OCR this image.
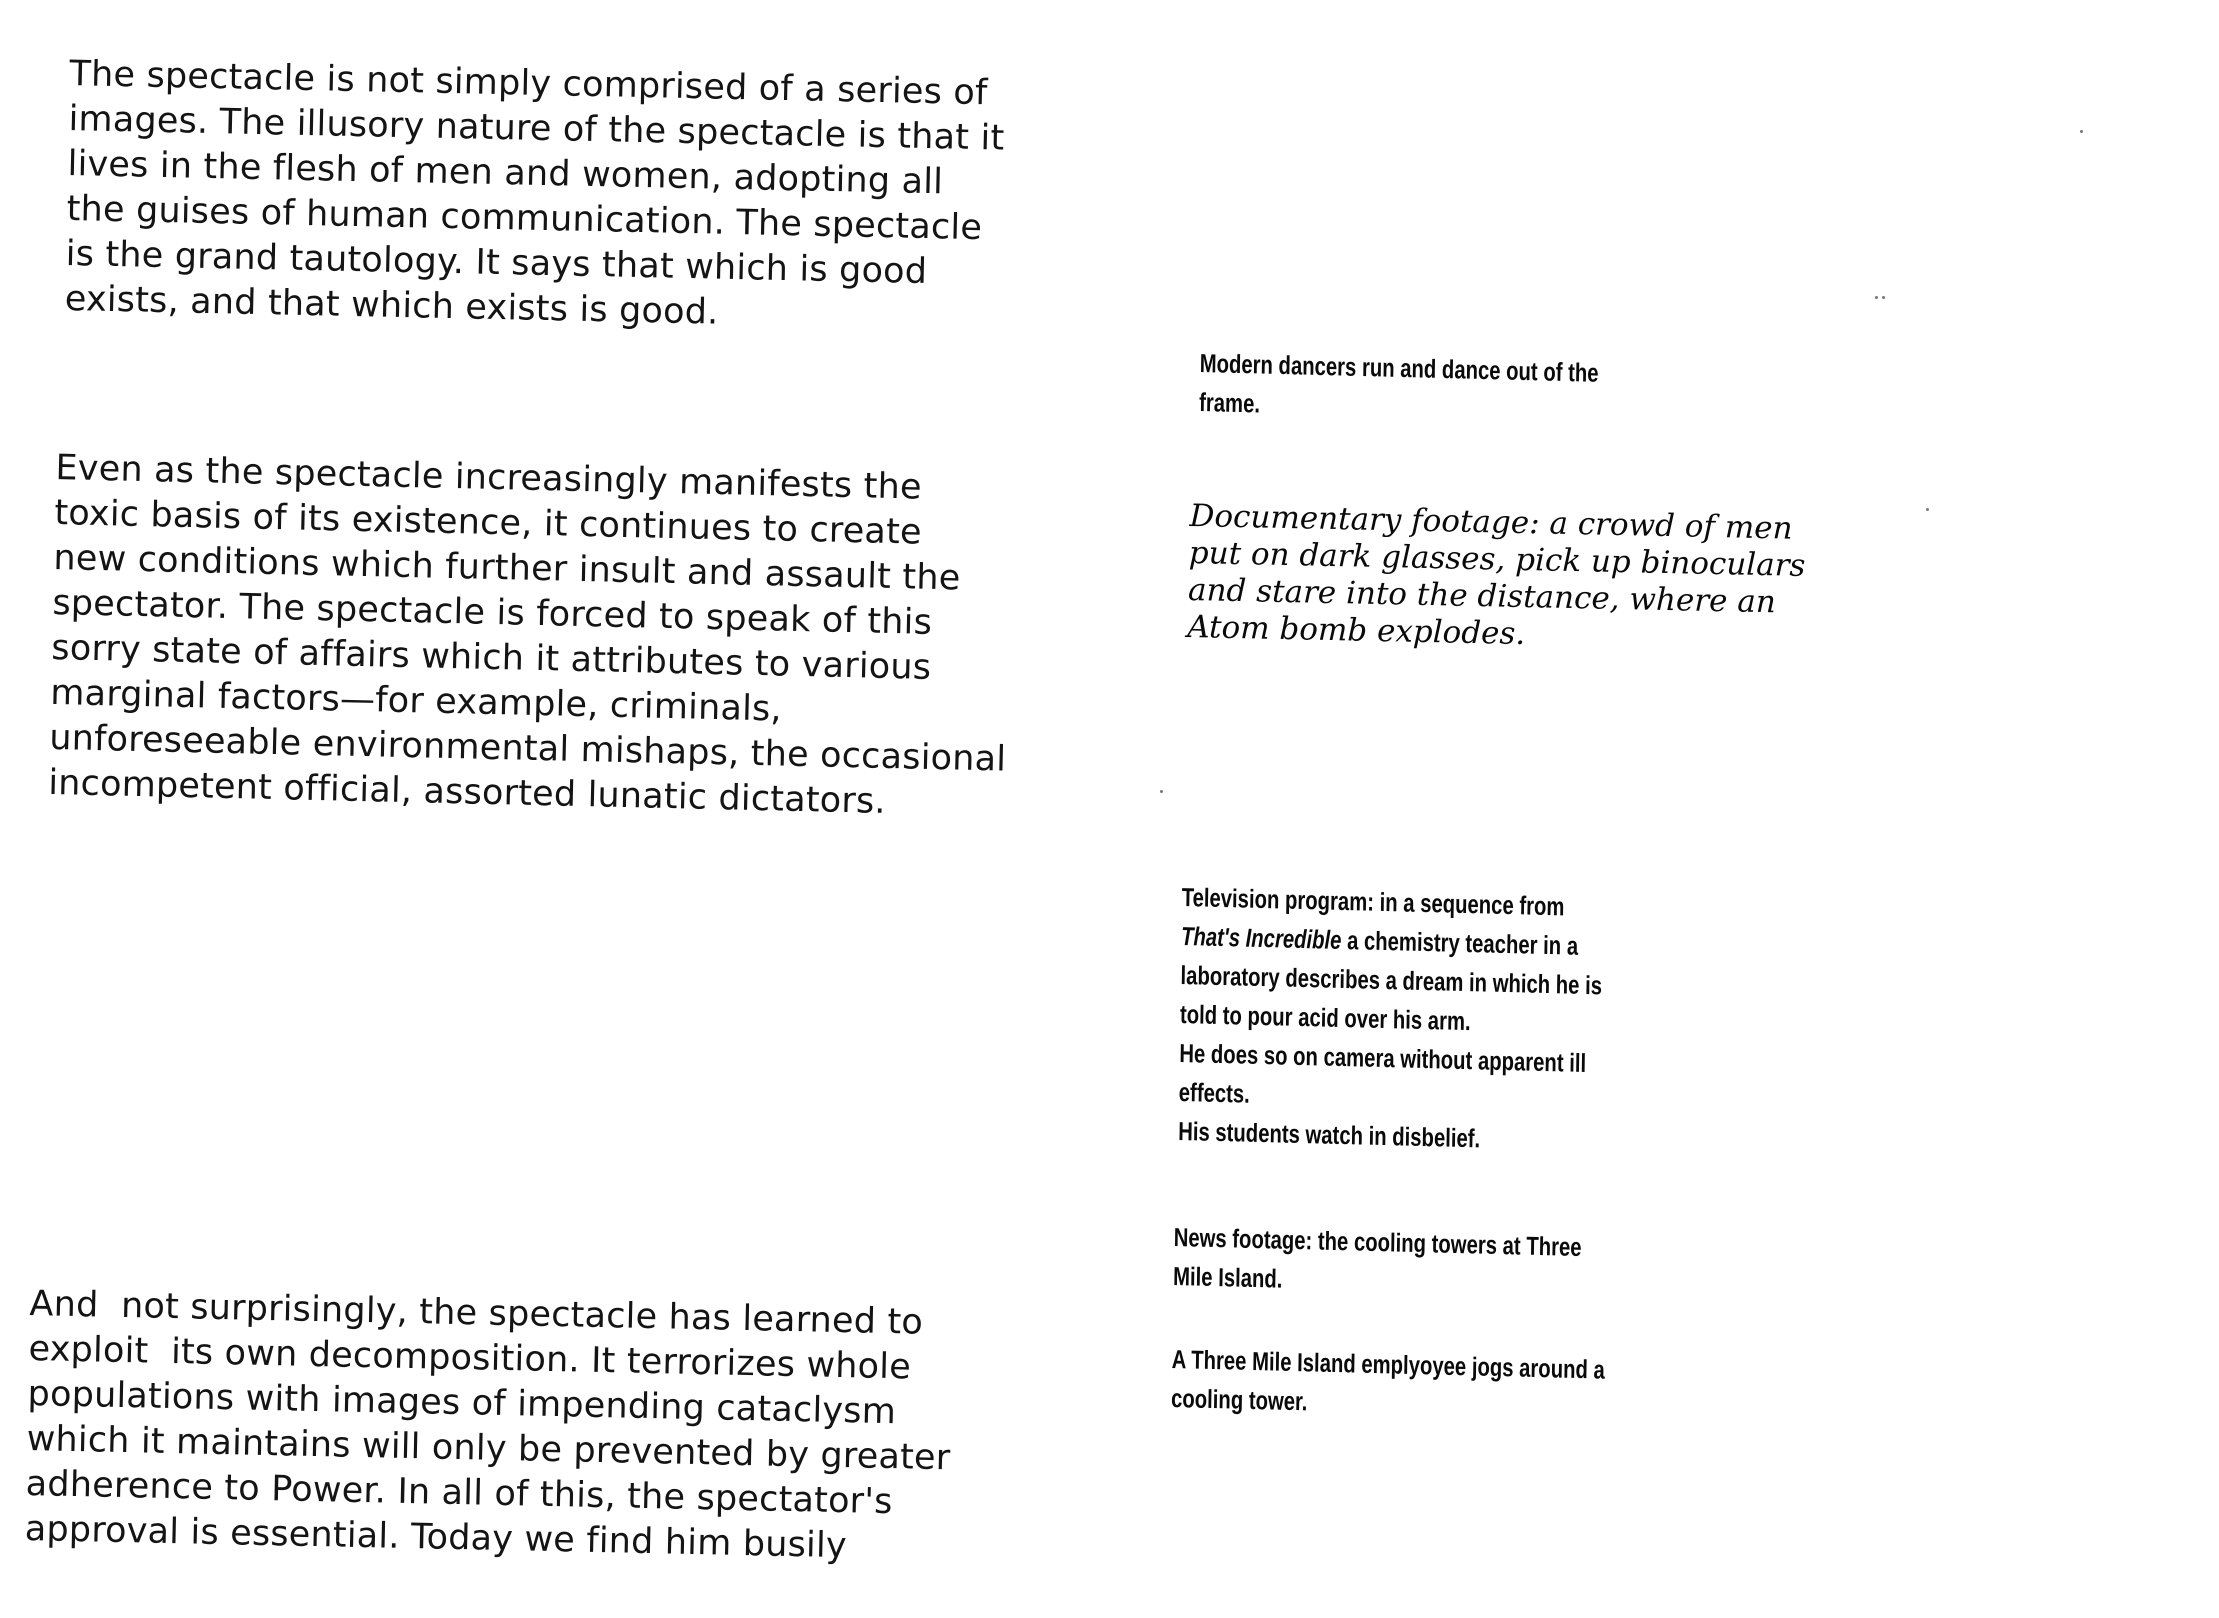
The spectacle is not simply comprised of a series of

images. The illusory nature of the spectacle is that it

lives in the flesh of men and women, adopting all

the guises of human communication. The spectacle

is the grand tautology. It says that which is good

exists, and that which exists is good.

Even as the spectacle increasingly manifests the

toxic basis of its existence, it continues to create

new conditions which further insult and assault the

spectator. The spectacle is forced to speak of this

sorry state of affairs which it attributes to various

marginal factors—for example, criminals,

unforeseeable environmental mishaps, the occasional

incompetent official, assorted lunatic dictators.

And  not surprisingly, the spectacle has learned to

exploit  its own decomposition. It terrorizes whole

populations with images of impending cataclysm

which it maintains will only be prevented by greater

adherence to Power. In all of this, the spectator's

approval is essential. Today we find him busily

Modern dancers run and dance out of the
frame.
Documentary footage: a crowd of men
put on dark glasses, pick up binoculars
and stare into the distance, where an
Atom bomb explodes.
Television program: in a sequence from
That's Incredible a chemistry teacher in a
laboratory describes a dream in which he is
told to pour acid over his arm.
He does so on camera without apparent ill
effects.
His students watch in disbelief.
News footage: the cooling towers at Three
Mile Island.
A Three Mile Island emplyoyee jogs around a
cooling tower.
